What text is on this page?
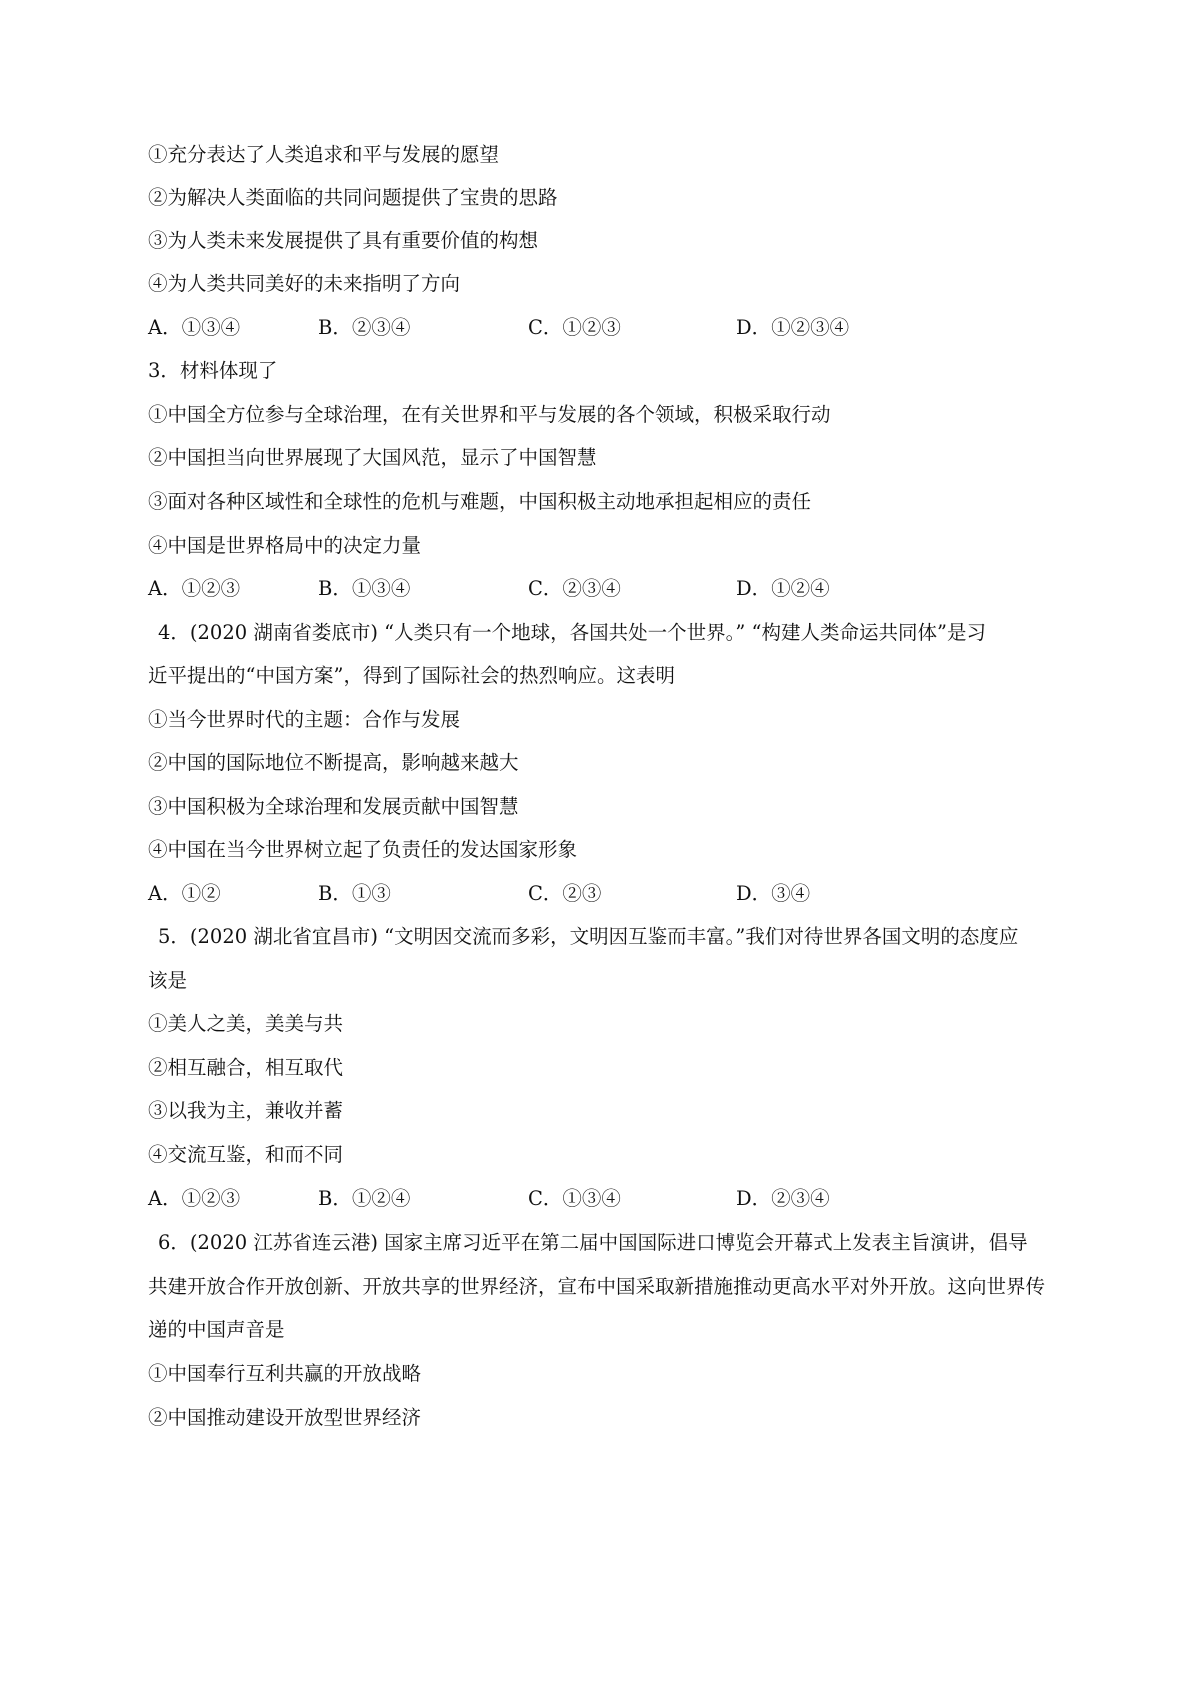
①充分表达了人类追求和平与发展的愿望
②为解决人类面临的共同问题提供了宝贵的思路
③为人类未来发展提供了具有重要价值的构想
④为人类共同美好的未来指明了方向
A．①③④	B．②③④	C．①②③	D．①②③④
3．材料体现了
①中国全方位参与全球治理，在有关世界和平与发展的各个领域，积极采取行动
②中国担当向世界展现了大国风范，显示了中国智慧
③面对各种区域性和全球性的危机与难题，中国积极主动地承担起相应的责任
④中国是世界格局中的决定力量
A．①②③	B．①③④	C．②③④	D．①②④
4．(2020 湖南省娄底市) “人类只有一个地球，各国共处一个世界。” “构建人类命运共同体”是习
近平提出的“中国方案”，得到了国际社会的热烈响应。这表明
①当今世界时代的主题：合作与发展
②中国的国际地位不断提高，影响越来越大
③中国积极为全球治理和发展贡献中国智慧
④中国在当今世界树立起了负责任的发达国家形象
A．①②	B．①③	C．②③	D．③④
5．(2020 湖北省宜昌市) “文明因交流而多彩，文明因互鉴而丰富。”我们对待世界各国文明的态度应
该是
①美人之美，美美与共
②相互融合，相互取代
③以我为主，兼收并蓄
④交流互鉴，和而不同
A．①②③	B．①②④	C．①③④	D．②③④
6．(2020 江苏省连云港) 国家主席习近平在第二届中国国际进口博览会开幕式上发表主旨演讲，倡导
共建开放合作开放创新、开放共享的世界经济，宣布中国采取新措施推动更高水平对外开放。这向世界传
递的中国声音是
①中国奉行互利共赢的开放战略
②中国推动建设开放型世界经济
